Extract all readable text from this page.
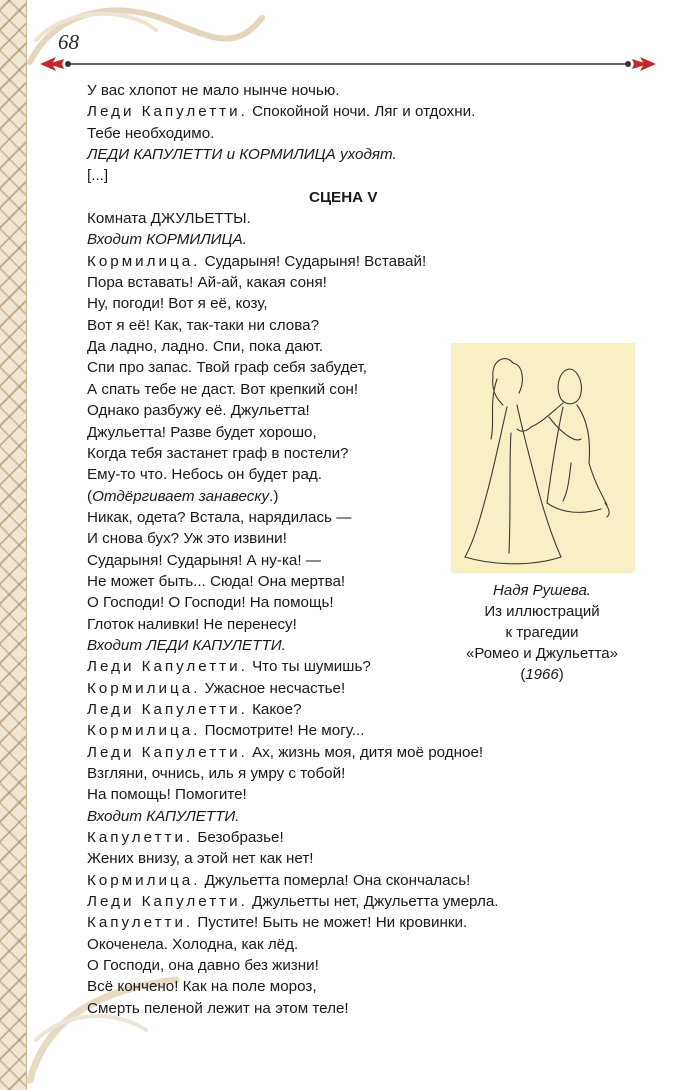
68
У вас хлопот не мало нынче ночью.
Леди Капулетти. Спокойной ночи. Ляг и отдохни.
Тебе необходимо.
ЛЕДИ КАПУЛЕТТИ и КОРМИЛИЦА уходят.
[...]
СЦЕНА V
Комната ДЖУЛЬЕТТЫ.
Входит КОРМИЛИЦА.
Кормилица. Сударыня! Сударыня! Вставай!
Пора вставать! Ай-ай, какая соня!
Ну, погоди! Вот я её, козу,
Вот я её! Как, так-таки ни слова?
Да ладно, ладно. Спи, пока дают.
Спи про запас. Твой граф себя забудет,
А спать тебе не даст. Вот крепкий сон!
Однако разбужу её. Джульетта!
Джульетта! Разве будет хорошо,
Когда тебя застанет граф в постели?
Ему-то что. Небось он будет рад.
(Отдёргивает занавеску.)
Никак, одета? Встала, нарядилась —
И снова бух? Уж это извини!
Сударыня! Сударыня! А ну-ка! —
Не может быть... Сюда! Она мертва!
О Господи! О Господи! На помощь!
Глоток наливки! Не перенесу!
Входит ЛЕДИ КАПУЛЕТТИ.
Леди Капулетти. Что ты шумишь?
Кормилица. Ужасное несчастье!
Леди Капулетти. Какое?
Кормилица. Посмотрите! Не могу...
Леди Капулетти. Ах, жизнь моя, дитя моё родное!
Взгляни, очнись, иль я умру с тобой!
На помощь! Помогите!
Входит КАПУЛЕТТИ.
Капулетти. Безобразье!
Жених внизу, а этой нет как нет!
Кормилица. Джульетта померла! Она скончалась!
Леди Капулетти. Джульетты нет, Джульетта умерла.
Капулетти. Пустите! Быть не может! Ни кровинки.
Окоченела. Холодна, как лёд.
О Господи, она давно без жизни!
Всё кончено! Как на поле мороз,
Смерть пеленой лежит на этом теле!
Надя Рушева.
Из иллюстраций
к трагедии
«Ромео и Джульетта»
(1966)
